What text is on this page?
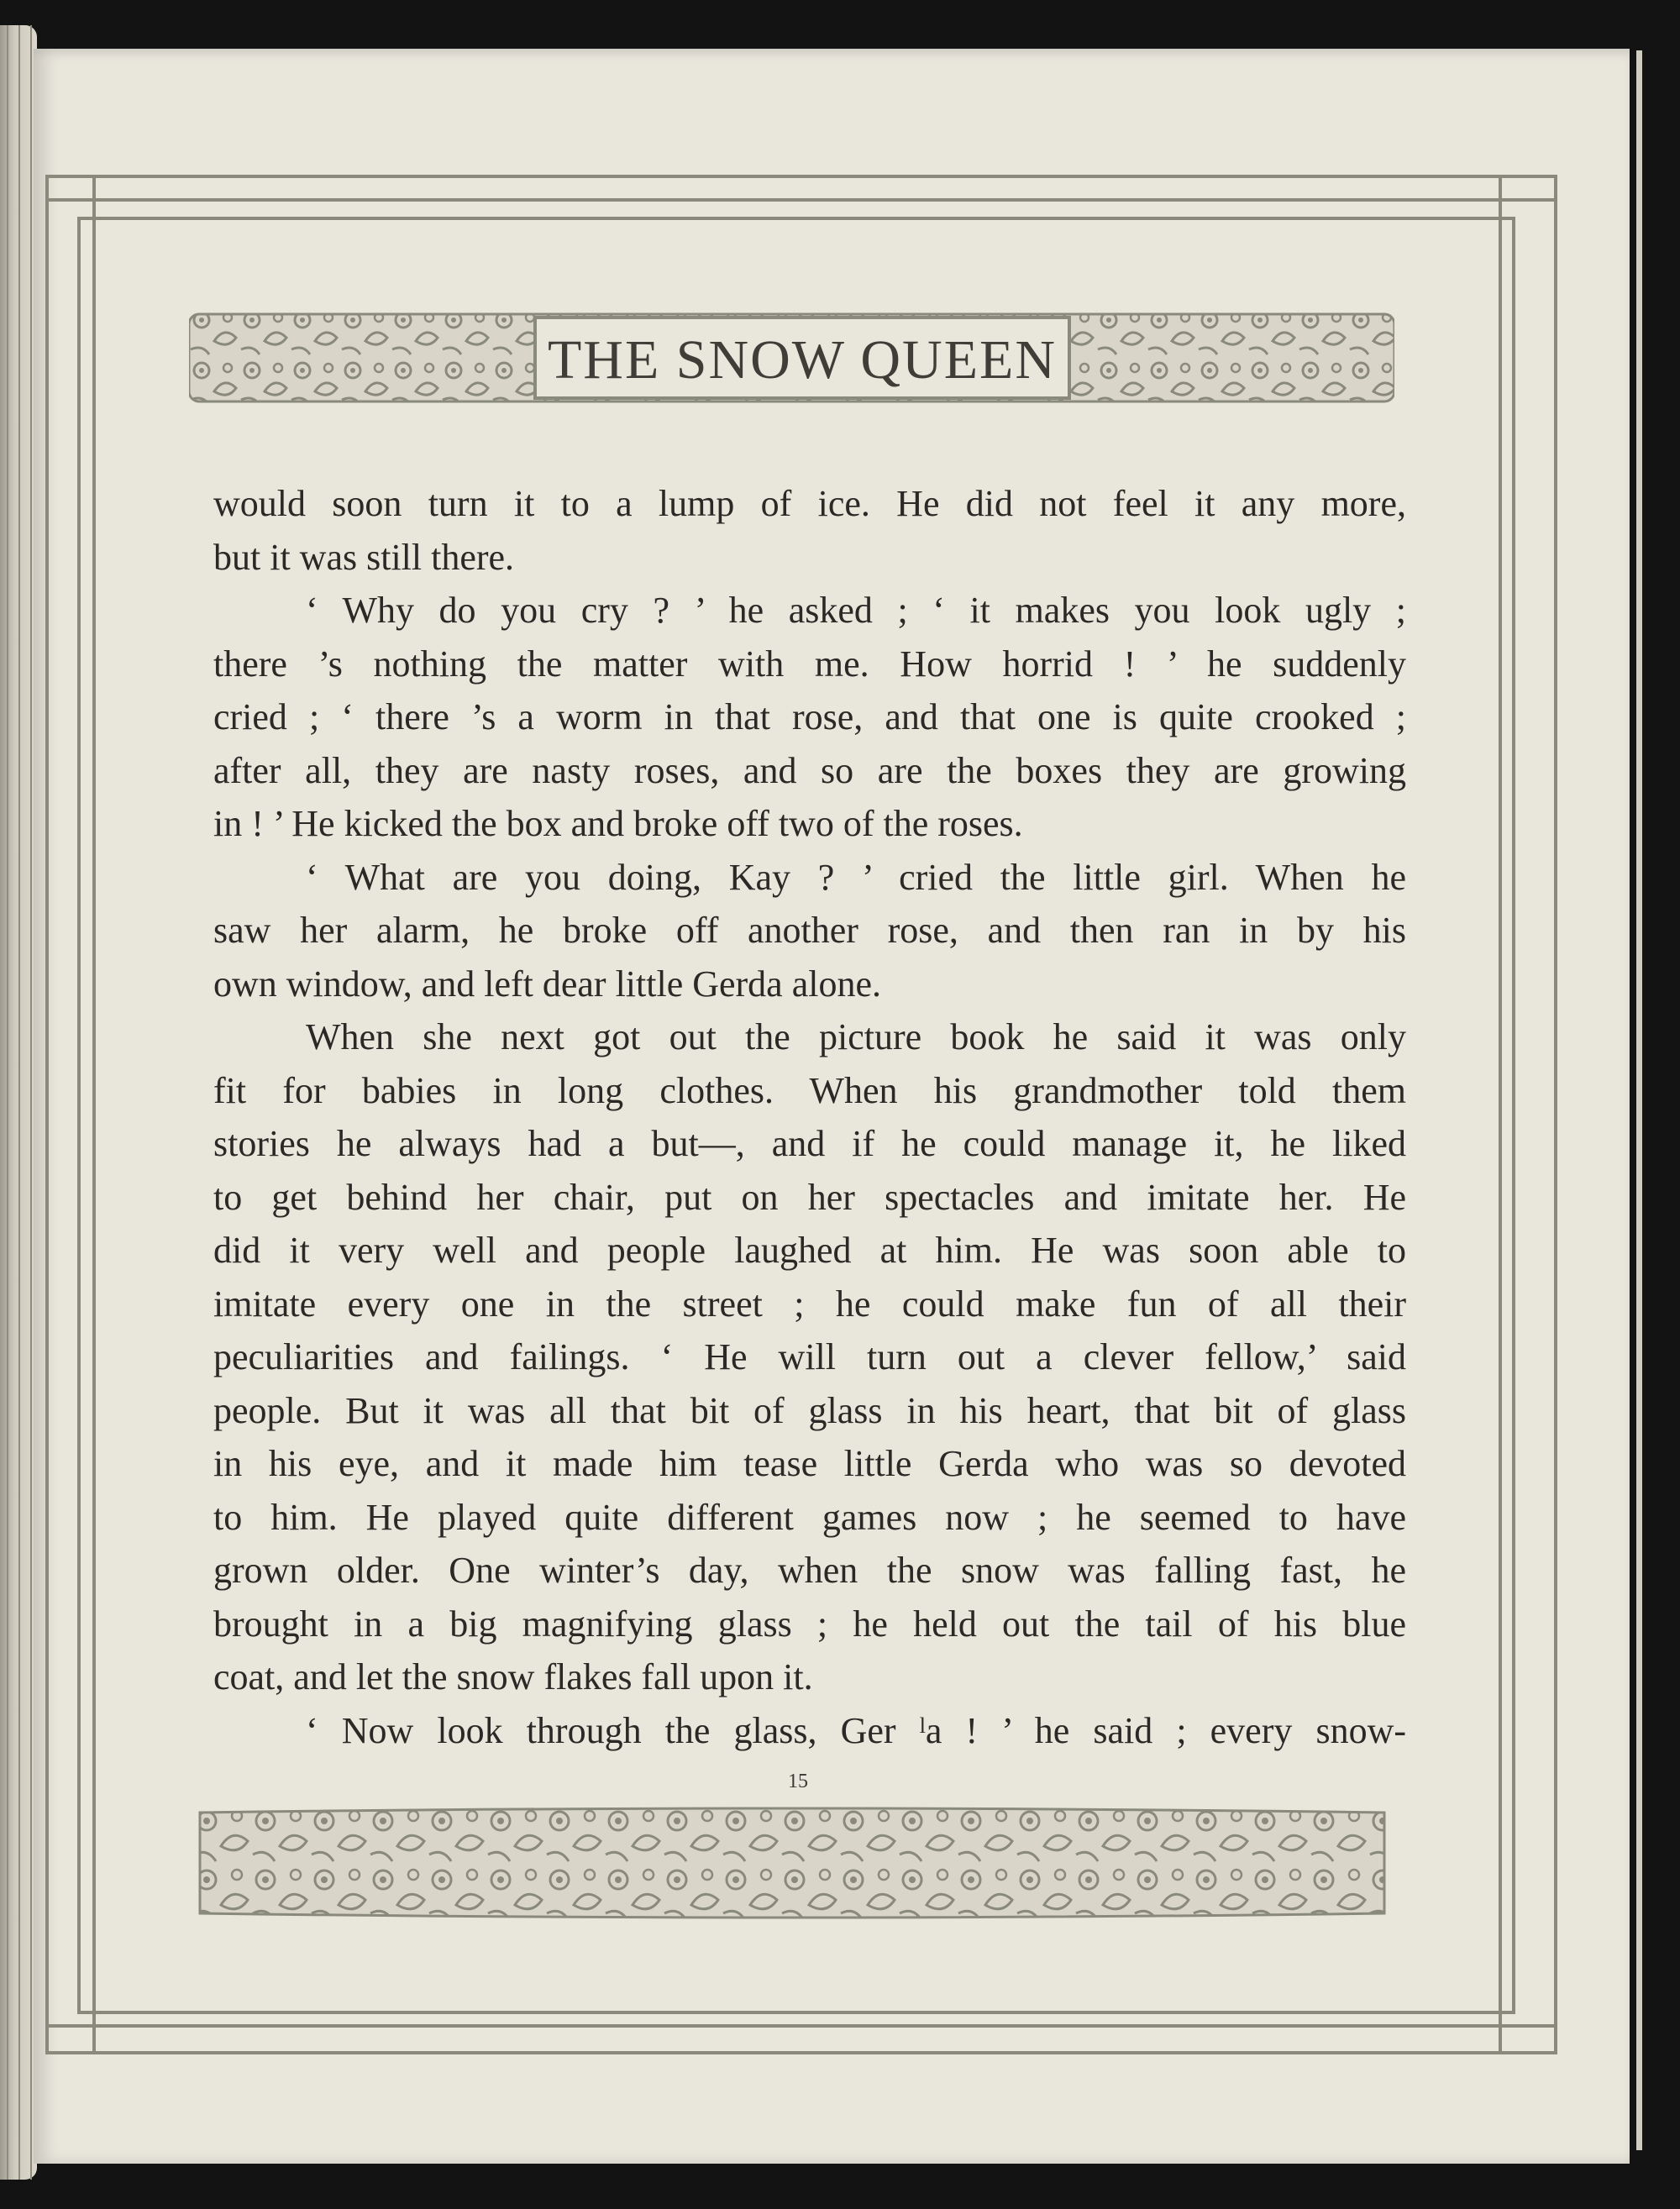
THE SNOW QUEEN
would soon turn it to a lump of ice. He did not feel it any more,
but it was still there.
‘ Why do you cry ? ’ he asked ; ‘ it makes you look ugly ;
there ’s nothing the matter with me. How horrid ! ’ he suddenly
cried ; ‘ there ’s a worm in that rose, and that one is quite crooked ;
after all, they are nasty roses, and so are the boxes they are growing
in ! ’ He kicked the box and broke off two of the roses.
‘ What are you doing, Kay ? ’ cried the little girl. When he
saw her alarm, he broke off another rose, and then ran in by his
own window, and left dear little Gerda alone.
When she next got out the picture book he said it was only
fit for babies in long clothes. When his grandmother told them
stories he always had a but—, and if he could manage it, he liked
to get behind her chair, put on her spectacles and imitate her. He
did it very well and people laughed at him. He was soon able to
imitate every one in the street ; he could make fun of all their
peculiarities and failings. ‘ He will turn out a clever fellow,’ said
people. But it was all that bit of glass in his heart, that bit of glass
in his eye, and it made him tease little Gerda who was so devoted
to him. He played quite different games now ; he seemed to have
grown older. One winter’s day, when the snow was falling fast, he
brought in a big magnifying glass ; he held out the tail of his blue
coat, and let the snow flakes fall upon it.
‘ Now look through the glass, Ger ˡa ! ’ he said ; every snow-
15
